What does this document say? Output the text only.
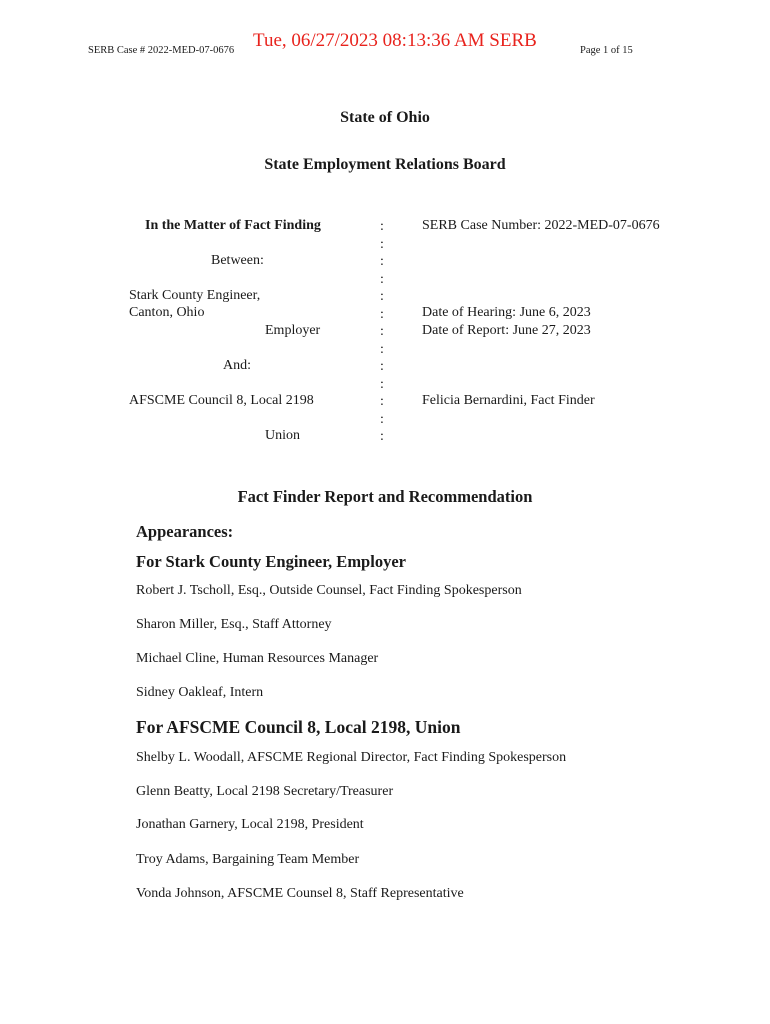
SERB Case # 2022-MED-07-0676 Tue, 06/27/2023 08:13:36 AM SERB	Page 1 of 15
State of Ohio
State Employment Relations Board
In the Matter of Fact Finding
Between:
Stark County Engineer,
Canton, Ohio
Employer
And:
AFSCME Council 8, Local 2198
Union
:
:
:
:
:
:
:
:
:
:
:
:
:
SERB Case Number: 2022-MED-07-0676
Date of Hearing: June 6, 2023
Date of Report: June 27, 2023
Felicia Bernardini, Fact Finder
Fact Finder Report and Recommendation
Appearances:
For Stark County Engineer, Employer
Robert J. Tscholl, Esq., Outside Counsel, Fact Finding Spokesperson
Sharon Miller, Esq., Staff Attorney
Michael Cline, Human Resources Manager
Sidney Oakleaf, Intern
For AFSCME Council 8, Local 2198, Union
Shelby L. Woodall, AFSCME Regional Director, Fact Finding Spokesperson
Glenn Beatty, Local 2198 Secretary/Treasurer
Jonathan Garnery, Local 2198, President
Troy Adams, Bargaining Team Member
Vonda Johnson, AFSCME Counsel 8, Staff Representative
